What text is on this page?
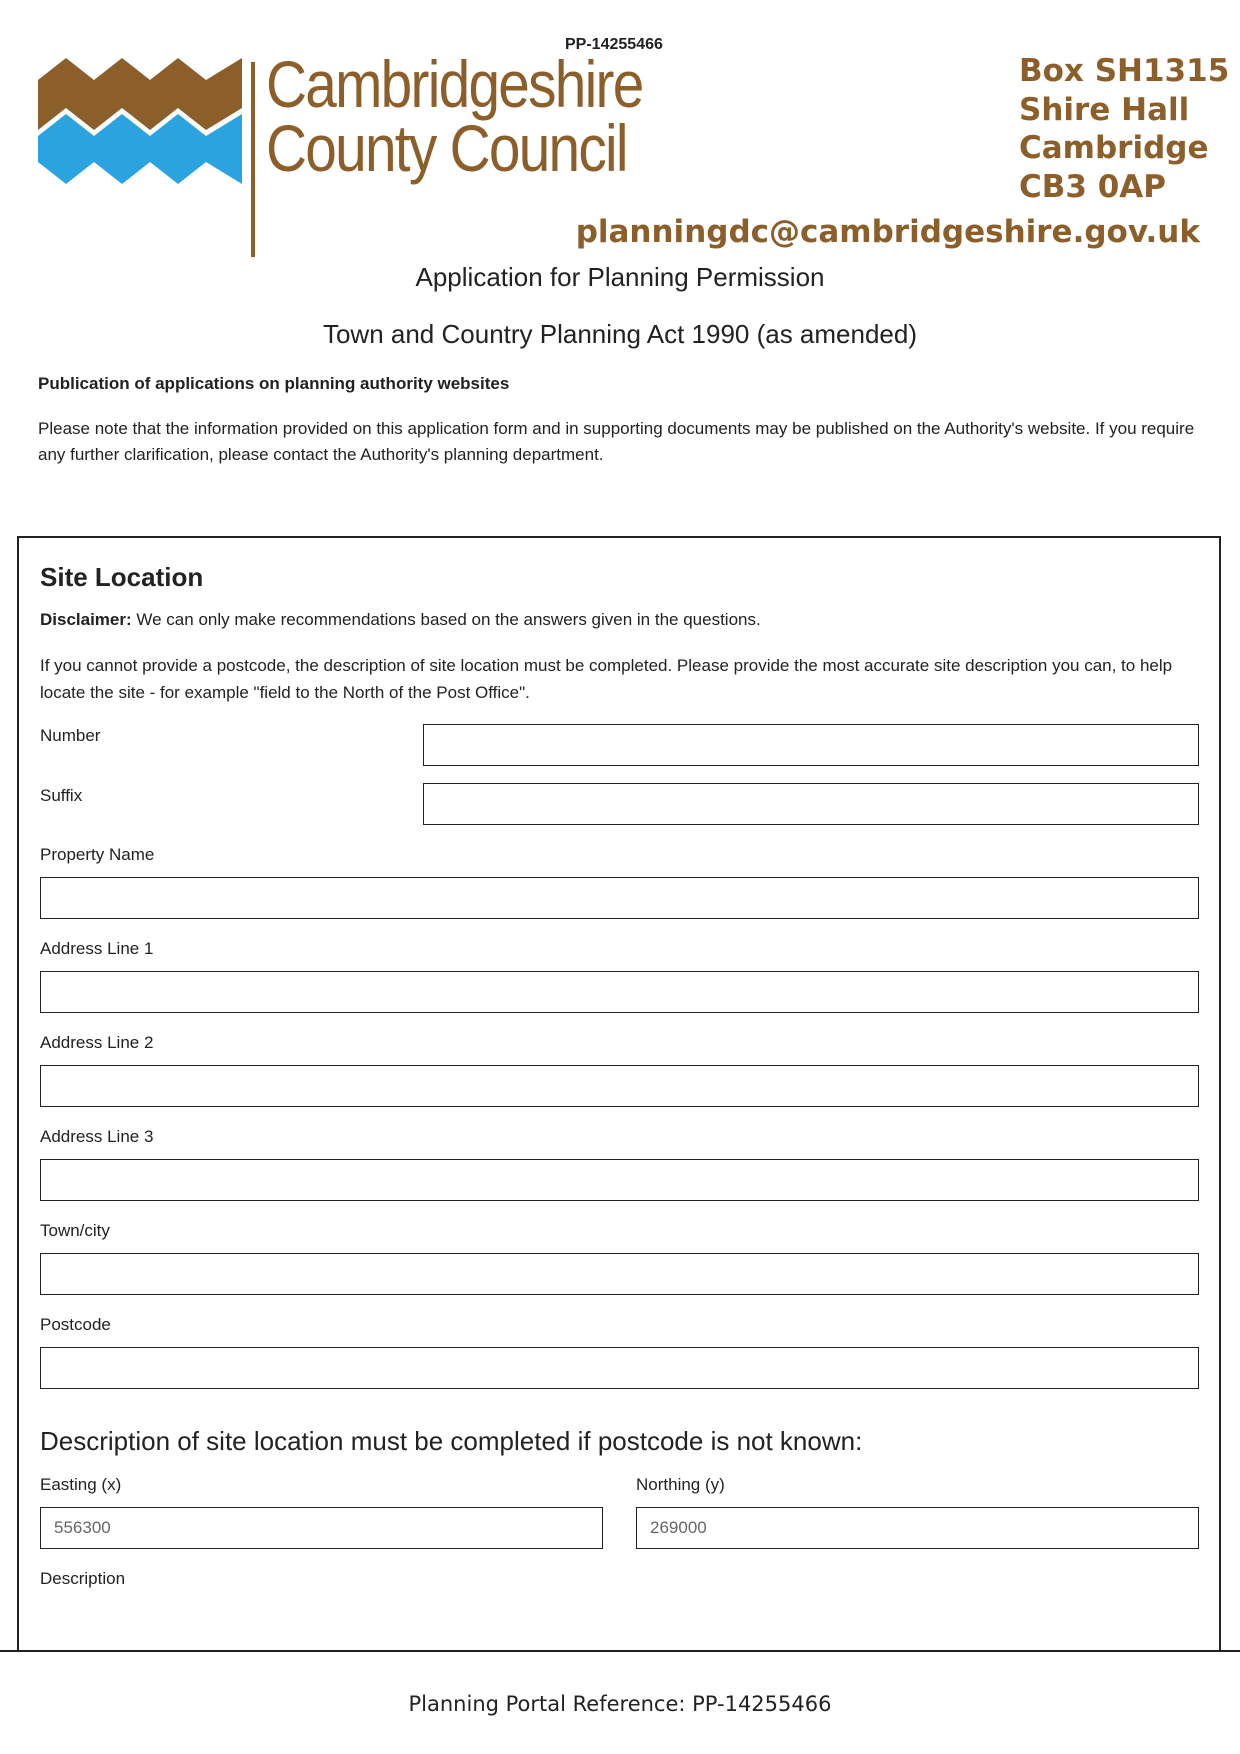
PP-14255466
Cambridgeshire
County Council
Box SH1315
Shire Hall
Cambridge
CB3 0AP
planningdc@cambridgeshire.gov.uk
Application for Planning Permission
Town and Country Planning Act 1990 (as amended)
Publication of applications on planning authority websites
Please note that the information provided on this application form and in supporting documents may be published on the Authority's website. If you require any further clarification, please contact the Authority's planning department.
Site Location
Disclaimer: We can only make recommendations based on the answers given in the questions.
If you cannot provide a postcode, the description of site location must be completed. Please provide the most accurate site description you can, to help locate the site - for example "field to the North of the Post Office".
Number
Suffix
Property Name
Address Line 1
Address Line 2
Address Line 3
Town/city
Postcode
Description of site location must be completed if postcode is not known:
Easting (x)
556300
Northing (y)
269000
Description
Planning Portal Reference: PP-14255466
